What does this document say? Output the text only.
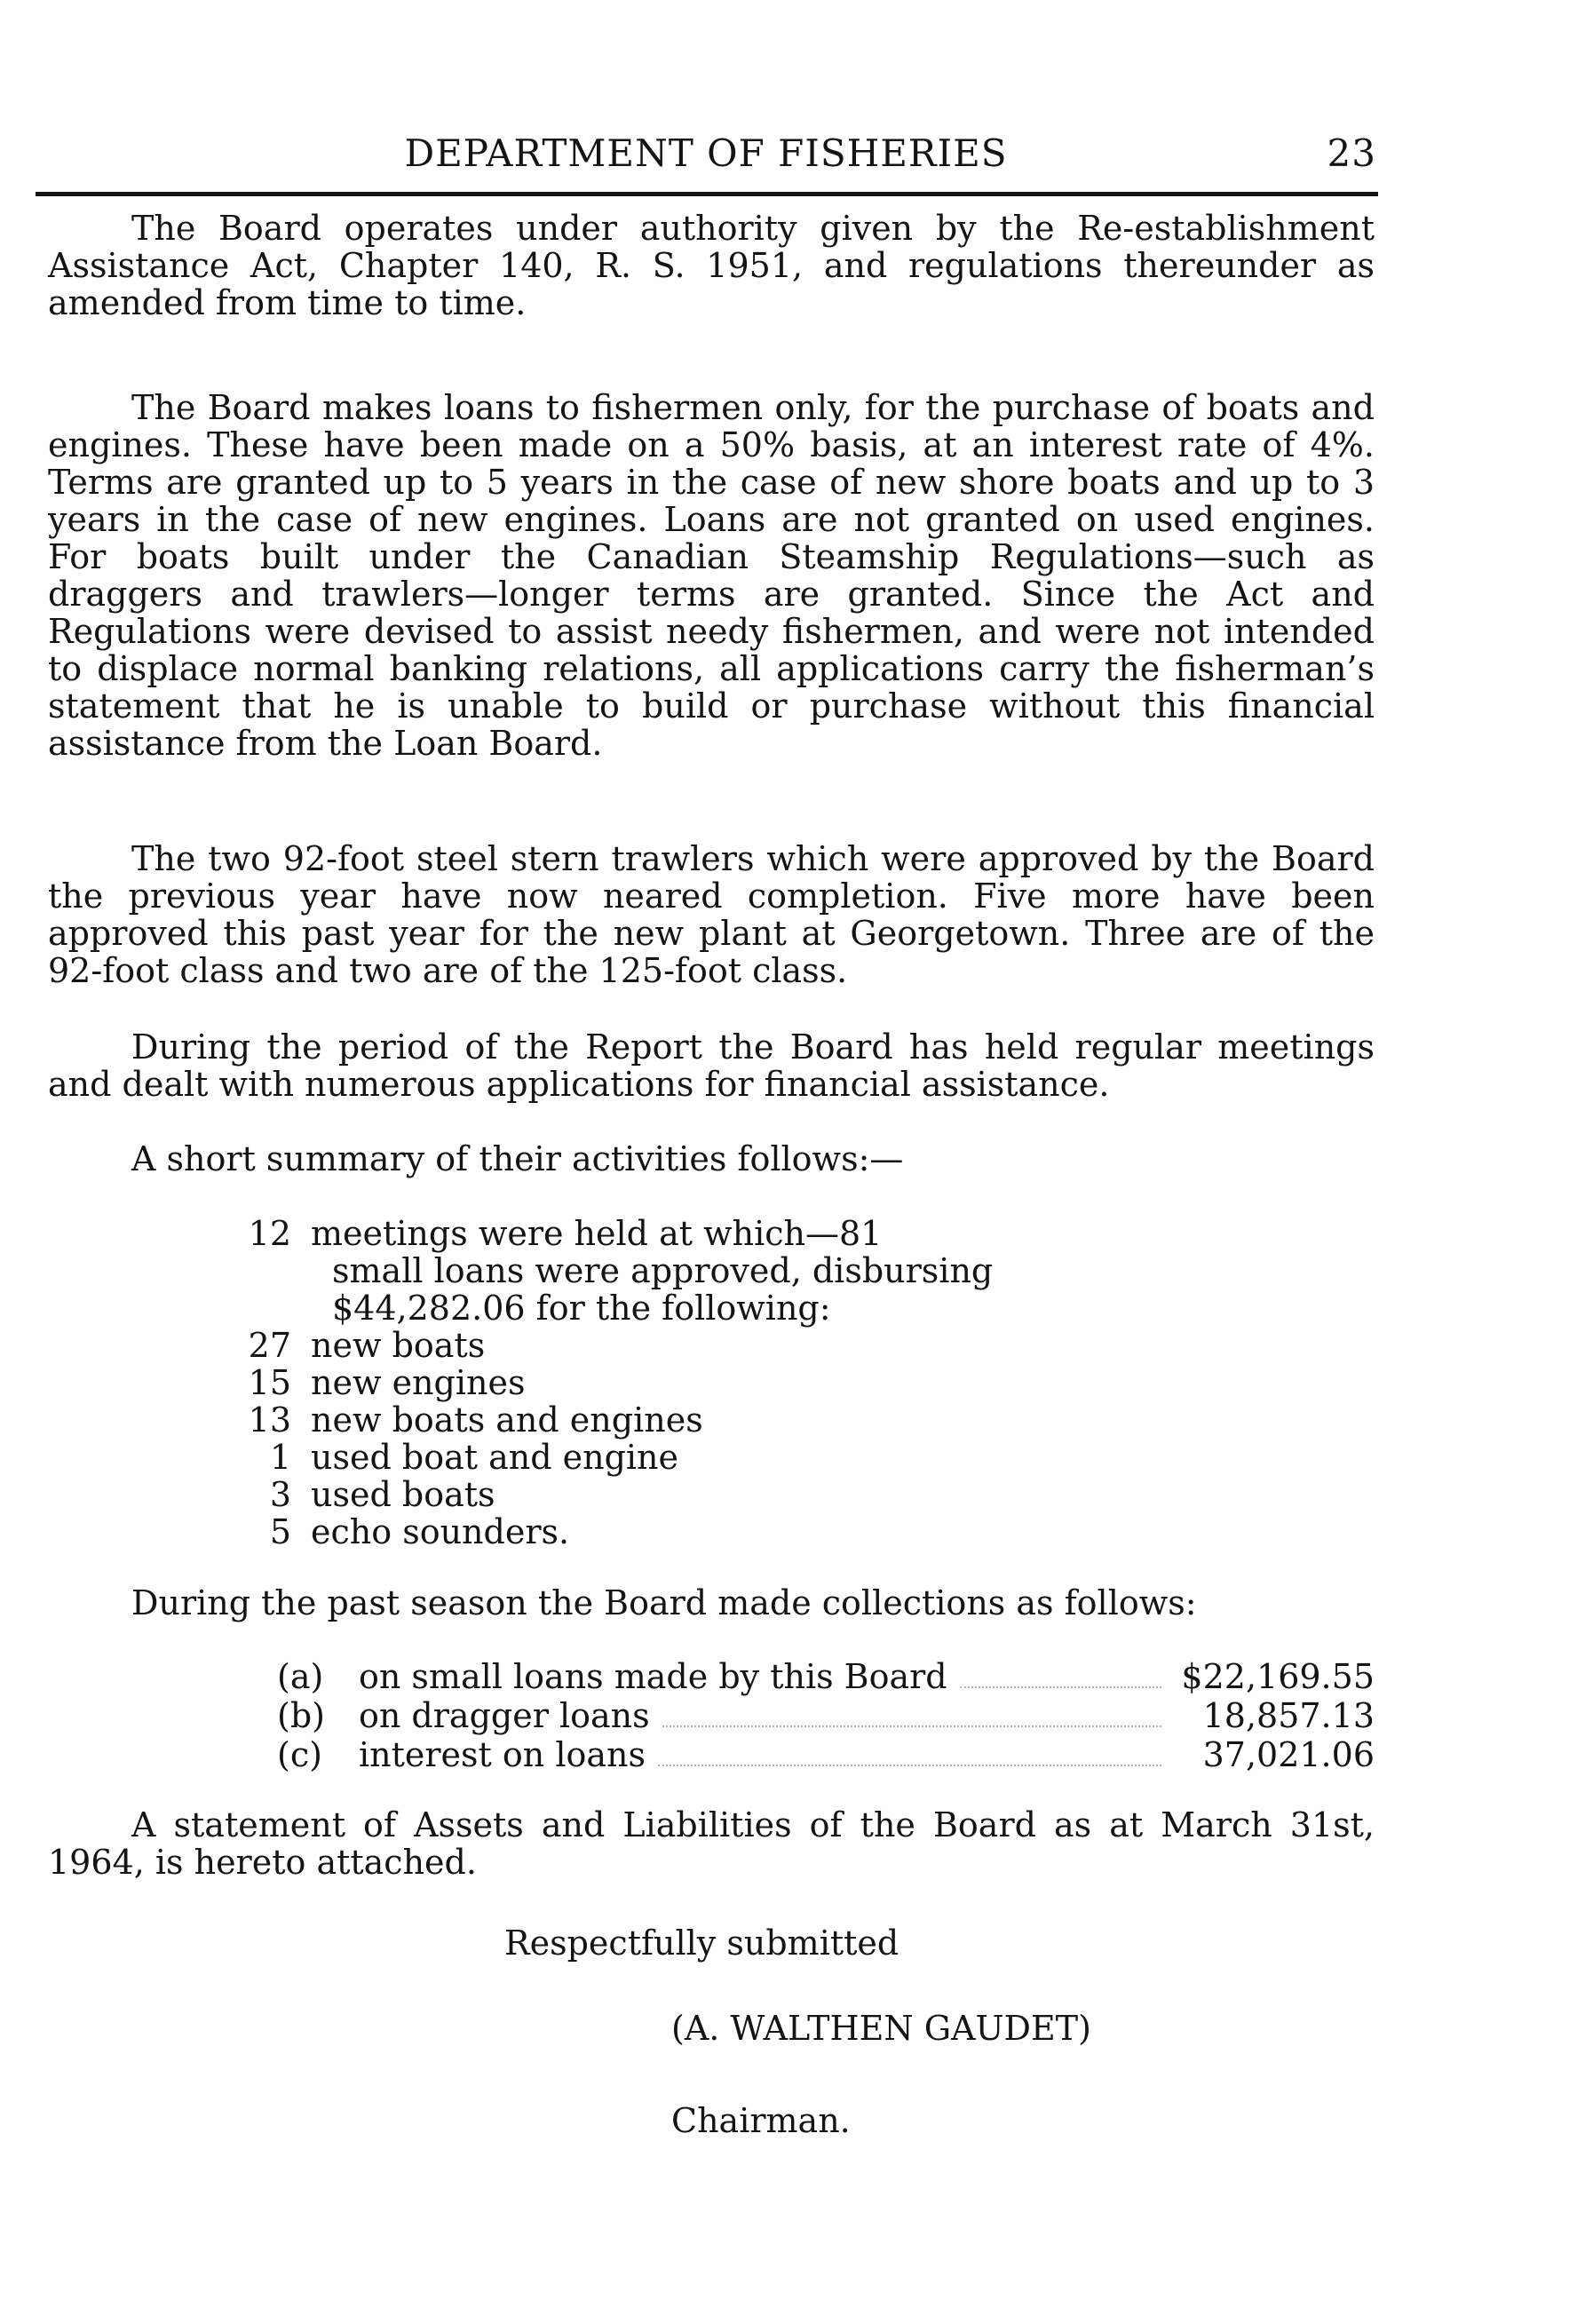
DEPARTMENT OF FISHERIES	23

The Board operates under authority given by the Re-establishment Assistance Act, Chapter 140, R. S. 1951, and regulations thereunder as amended from time to time.

The Board makes loans to fishermen only, for the purchase of boats and engines. These have been made on a 50% basis, at an interest rate of 4%. Terms are granted up to 5 years in the case of new shore boats and up to 3 years in the case of new engines. Loans are not granted on used engines. For boats built under the Canadian Steamship Regulations—such as draggers and trawlers—longer terms are granted. Since the Act and Regulations were devised to assist needy fishermen, and were not intended to displace normal banking relations, all applications carry the fisherman’s statement that he is unable to build or purchase without this financial assistance from the Loan Board.

The two 92-foot steel stern trawlers which were approved by the Board the previous year have now neared completion. Five more have been approved this past year for the new plant at Georgetown. Three are of the 92-foot class and two are of the 125-foot class.

During the period of the Report the Board has held regular meetings and dealt with numerous applications for financial assistance.

A short summary of their activities follows:—
12 meetings were held at which—81
small loans were approved, disbursing
$44,282.06 for the following:
27 new boats
15 new engines
13 new boats and engines
1 used boat and engine
3 used boats
5 echo sounders.
During the past season the Board made collections as follows:
(a)	on small loans made by this Board	$22,169.55
(b)	on dragger loans	18,857.13
(c)	interest on loans	37,021.06

A statement of Assets and Liabilities of the Board as at March 31st, 1964, is hereto attached.

Respectfully submitted
(A. WALTHEN GAUDET)
Chairman.
